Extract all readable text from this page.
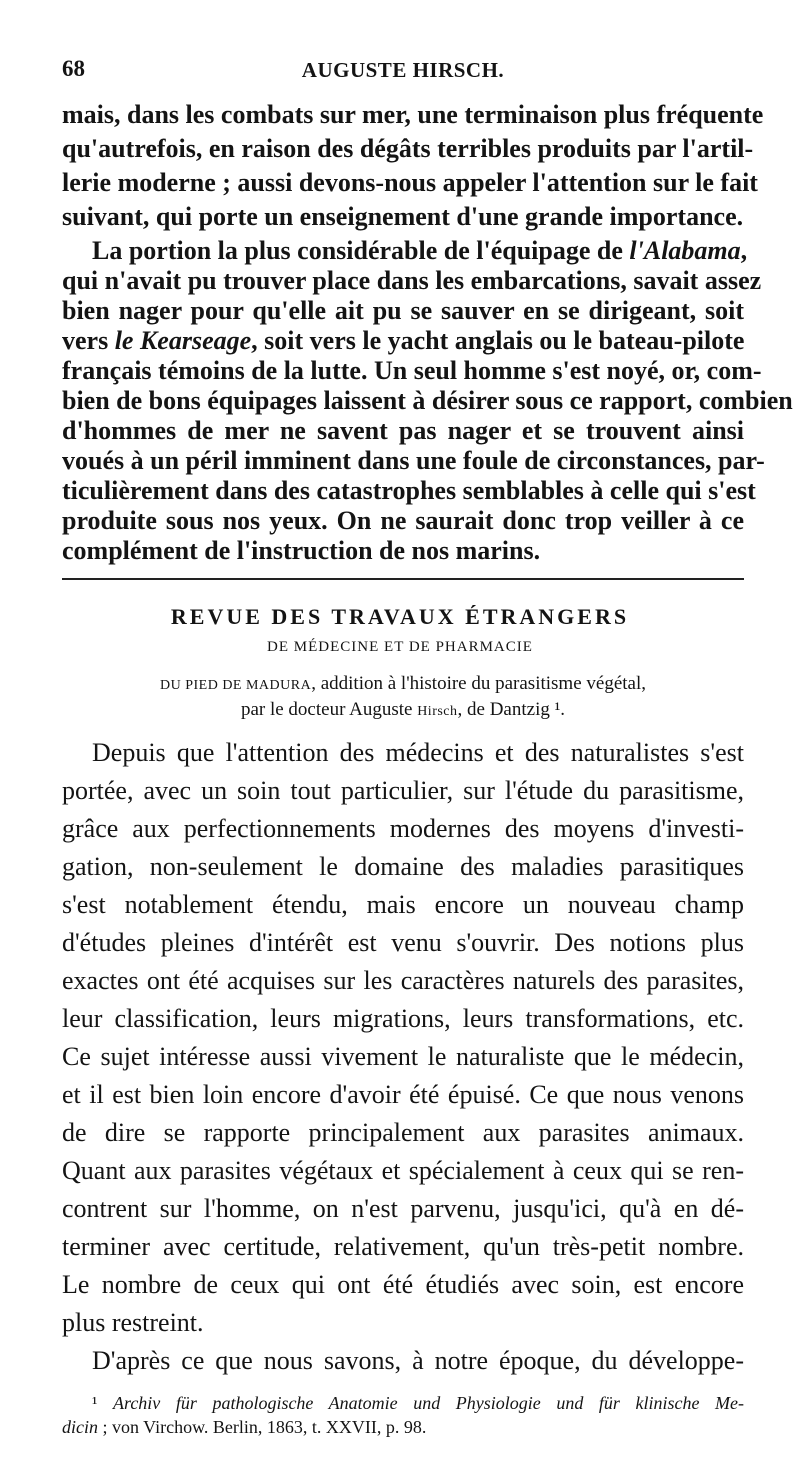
68	AUGUSTE HIRSCH.
mais, dans les combats sur mer, une terminaison plus fréquente
qu'autrefois, en raison des dégâts terribles produits par l'artil-
lerie moderne ; aussi devons-nous appeler l'attention sur le fait
suivant, qui porte un enseignement d'une grande importance.
La portion la plus considérable de l'équipage de l'Alabama,
qui n'avait pu trouver place dans les embarcations, savait assez
bien nager pour qu'elle ait pu se sauver en se dirigeant, soit
vers le Kearseage, soit vers le yacht anglais ou le bateau-pilote
français témoins de la lutte. Un seul homme s'est noyé, or, com-
bien de bons équipages laissent à désirer sous ce rapport, combien
d'hommes de mer ne savent pas nager et se trouvent ainsi
voués à un péril imminent dans une foule de circonstances, par-
ticulièrement dans des catastrophes semblables à celle qui s'est
produite sous nos yeux. On ne saurait donc trop veiller à ce
complément de l'instruction de nos marins.
REVUE DES TRAVAUX ÉTRANGERS
DE MÉDECINE ET DE PHARMACIE
DU PIED DE MADURA, addition à l'histoire du parasitisme végétal,
par le docteur Auguste Hirsch, de Dantzig ¹.
Depuis que l'attention des médecins et des naturalistes s'est
portée, avec un soin tout particulier, sur l'étude du parasitisme,
grâce aux perfectionnements modernes des moyens d'investi-
gation, non-seulement le domaine des maladies parasitiques
s'est notablement étendu, mais encore un nouveau champ
d'études pleines d'intérêt est venu s'ouvrir. Des notions plus
exactes ont été acquises sur les caractères naturels des parasites,
leur classification, leurs migrations, leurs transformations, etc.
Ce sujet intéresse aussi vivement le naturaliste que le médecin,
et il est bien loin encore d'avoir été épuisé. Ce que nous venons
de dire se rapporte principalement aux parasites animaux.
Quant aux parasites végétaux et spécialement à ceux qui se ren-
contrent sur l'homme, on n'est parvenu, jusqu'ici, qu'à en dé-
terminer avec certitude, relativement, qu'un très-petit nombre.
Le nombre de ceux qui ont été étudiés avec soin, est encore
plus restreint.
D'après ce que nous savons, à notre époque, du développe-
¹ Archiv für pathologische Anatomie und Physiologie und für klinische Me-
dicin ; von Virchow. Berlin, 1863, t. XXVII, p. 98.
